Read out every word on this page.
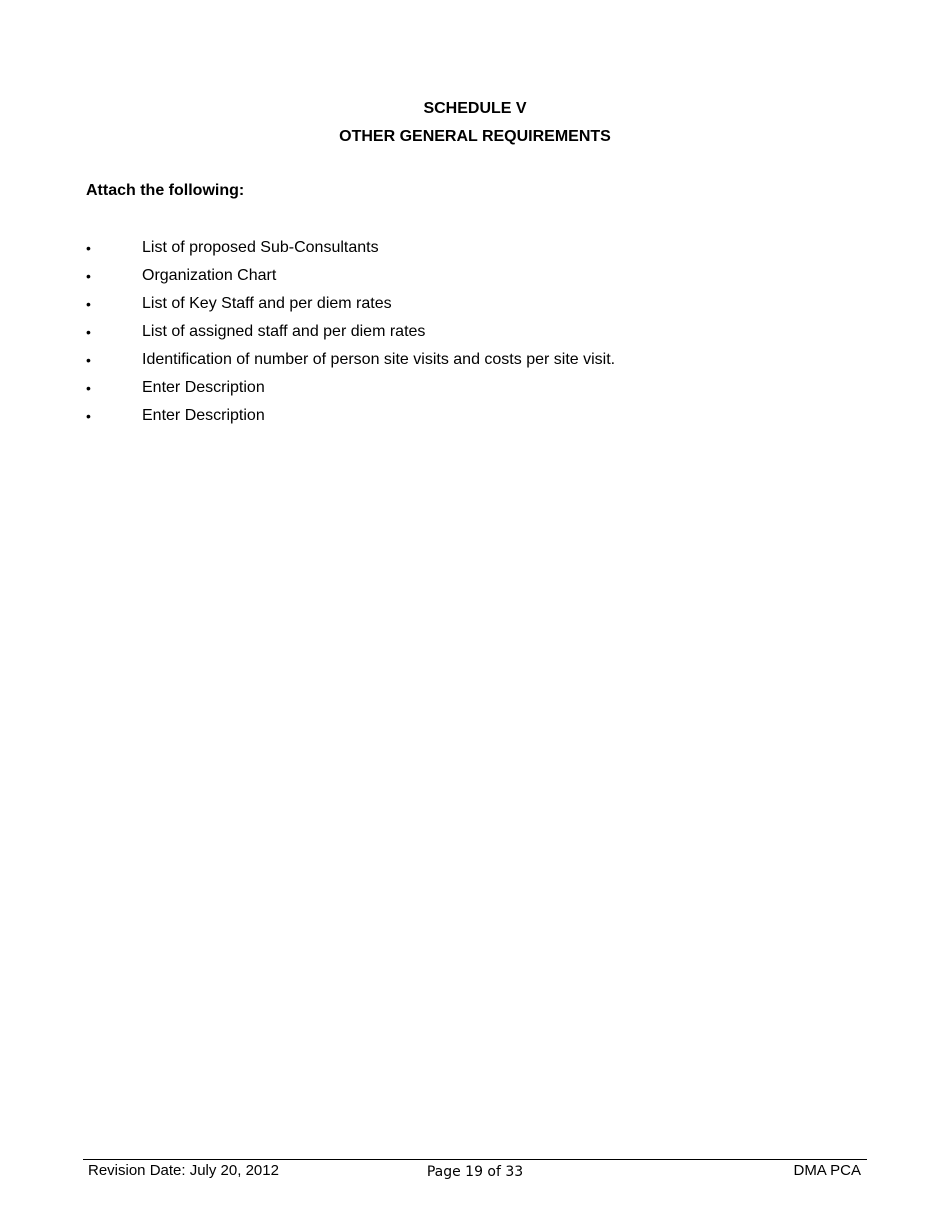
SCHEDULE V
OTHER GENERAL REQUIREMENTS
Attach the following:
•	List of proposed Sub-Consultants
•	Organization Chart
•	List of Key Staff and per diem rates
•	List of assigned staff and per diem rates
•	Identification of number of person site visits and costs per site visit.
•	Enter Description
•	Enter Description
Revision Date: July 20, 2012	Page 19 of 33	DMA PCA
